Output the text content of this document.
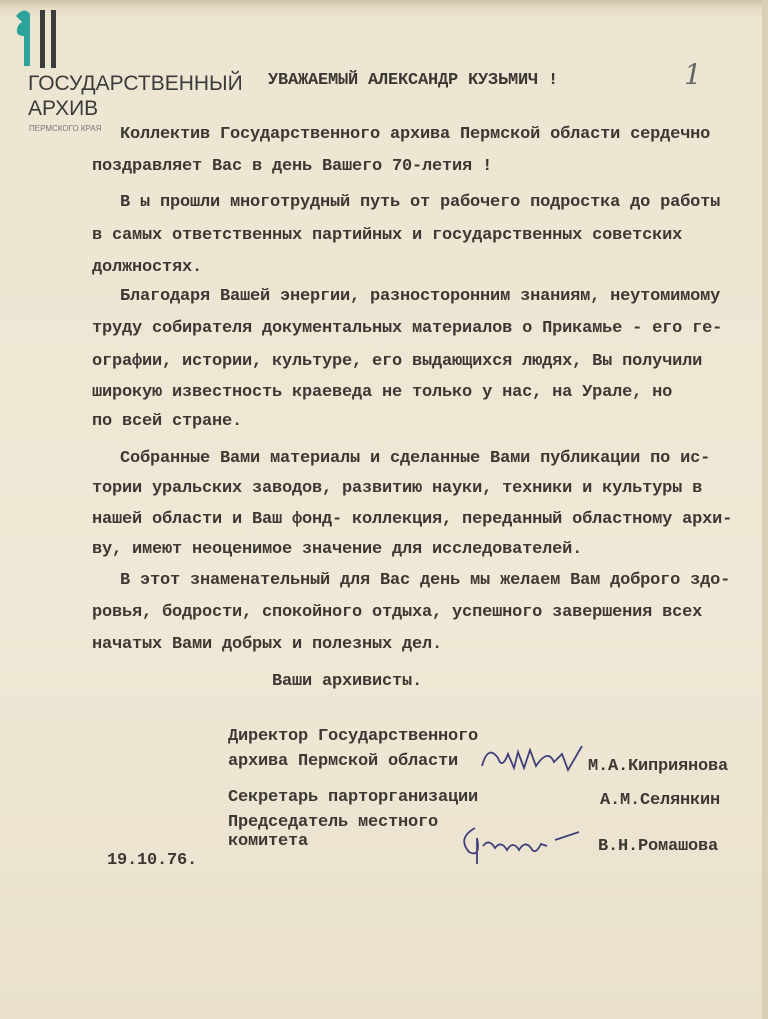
ГОСУДАРСТВЕННЫЙ
АРХИВ
ПЕРМСКОГО КРАЯ
1
УВАЖАЕМЫЙ АЛЕКСАНДР КУЗЬМИЧ !
Коллектив Государственного архива Пермской области сердечно
поздравляет Вас в день Вашего 70-летия !
В ы прошли многотрудный путь от рабочего подростка до работы
в самых ответственных партийных и государственных советских
должностях.
Благодаря Вашей энергии, разносторонним знаниям, неутомимому
труду собирателя документальных материалов о Прикамье - его ге-
ографии, истории, культуре, его выдающихся людях, Вы получили
широкую известность краеведа не только у нас, на Урале, но
по всей стране.
Собранные Вами материалы и сделанные Вами публикации по ис-
тории уральских заводов, развитию науки, техники и культуры в
нашей области и Ваш фонд- коллекция, переданный областному архи-
ву, имеют неоценимое значение для исследователей.
В этот знаменательный для Вас день мы желаем Вам доброго здо-
ровья, бодрости, спокойного отдыха, успешного завершения всех
начатых Вами добрых и полезных дел.
Ваши архивисты.
Директор Государственного
архива Пермской области	М.А.Киприянова
Секретарь парторганизации	А.М.Селянкин
Председатель местного
комитета	В.Н.Ромашова
19.10.76.
